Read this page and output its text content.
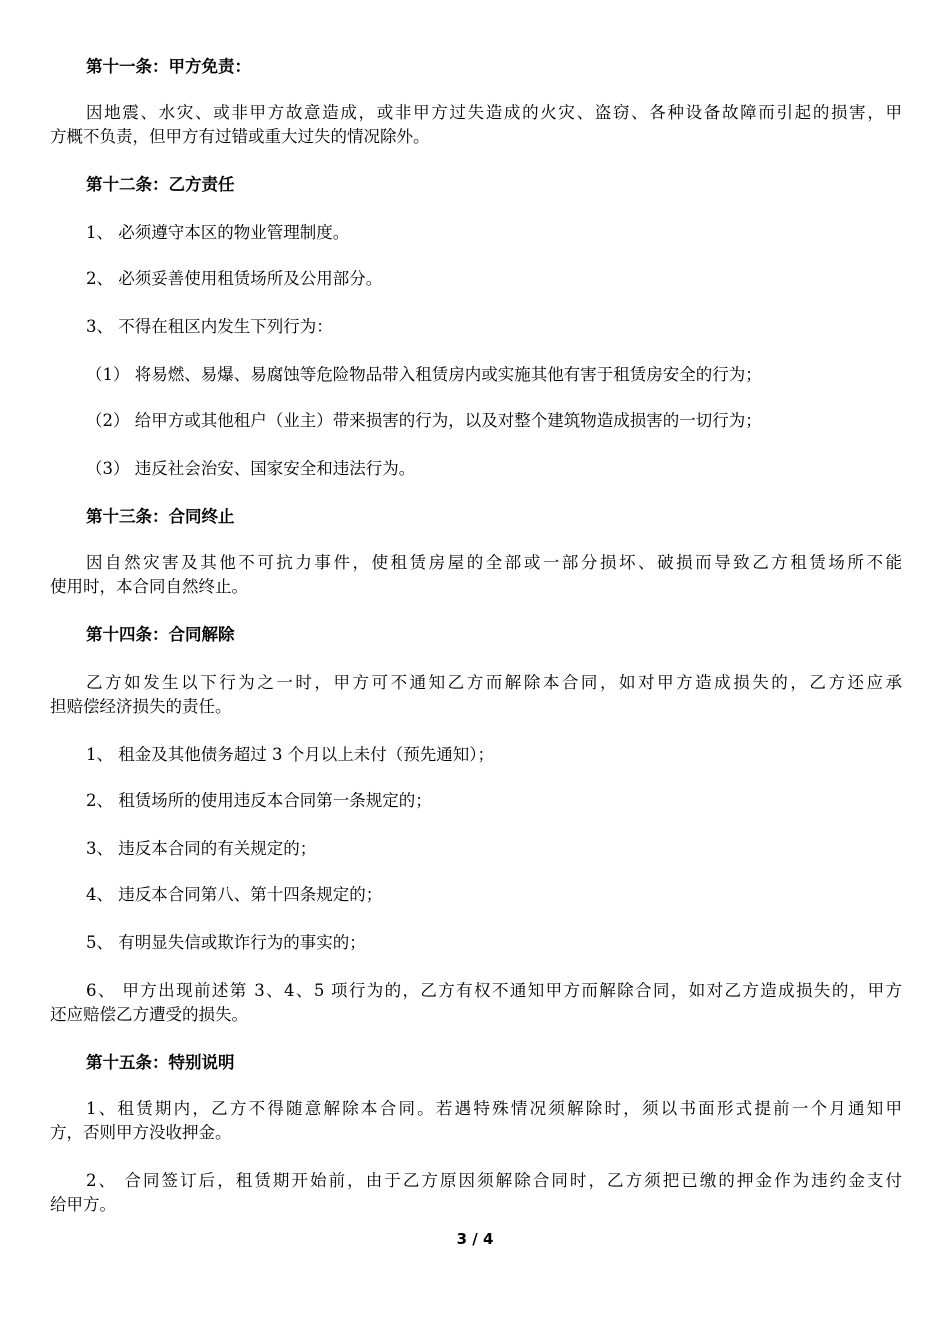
第十一条：甲方免责：
因地震、水灾、或非甲方故意造成，或非甲方过失造成的火灾、盗窃、各种设备故障而引起的损害，甲
方概不负责，但甲方有过错或重大过失的情况除外。
第十二条：乙方责任
1、 必须遵守本区的物业管理制度。
2、 必须妥善使用租赁场所及公用部分。
3、 不得在租区内发生下列行为：
（1） 将易燃、易爆、易腐蚀等危险物品带入租赁房内或实施其他有害于租赁房安全的行为；
（2） 给甲方或其他租户（业主）带来损害的行为，以及对整个建筑物造成损害的一切行为；
（3） 违反社会治安、国家安全和违法行为。
第十三条：合同终止
因自然灾害及其他不可抗力事件，使租赁房屋的全部或一部分损坏、破损而导致乙方租赁场所不能
使用时，本合同自然终止。
第十四条：合同解除
乙方如发生以下行为之一时，甲方可不通知乙方而解除本合同，如对甲方造成损失的，乙方还应承
担赔偿经济损失的责任。
1、 租金及其他债务超过 3 个月以上未付（预先通知）；
2、 租赁场所的使用违反本合同第一条规定的；
3、 违反本合同的有关规定的；
4、 违反本合同第八、第十四条规定的；
5、 有明显失信或欺诈行为的事实的；
6、 甲方出现前述第 3、4、5 项行为的，乙方有权不通知甲方而解除合同，如对乙方造成损失的，甲方
还应赔偿乙方遭受的损失。
第十五条：特别说明
1、租赁期内，乙方不得随意解除本合同。若遇特殊情况须解除时，须以书面形式提前一个月通知甲
方，否则甲方没收押金。
2、 合同签订后，租赁期开始前，由于乙方原因须解除合同时，乙方须把已缴的押金作为违约金支付
给甲方。
3 / 4
